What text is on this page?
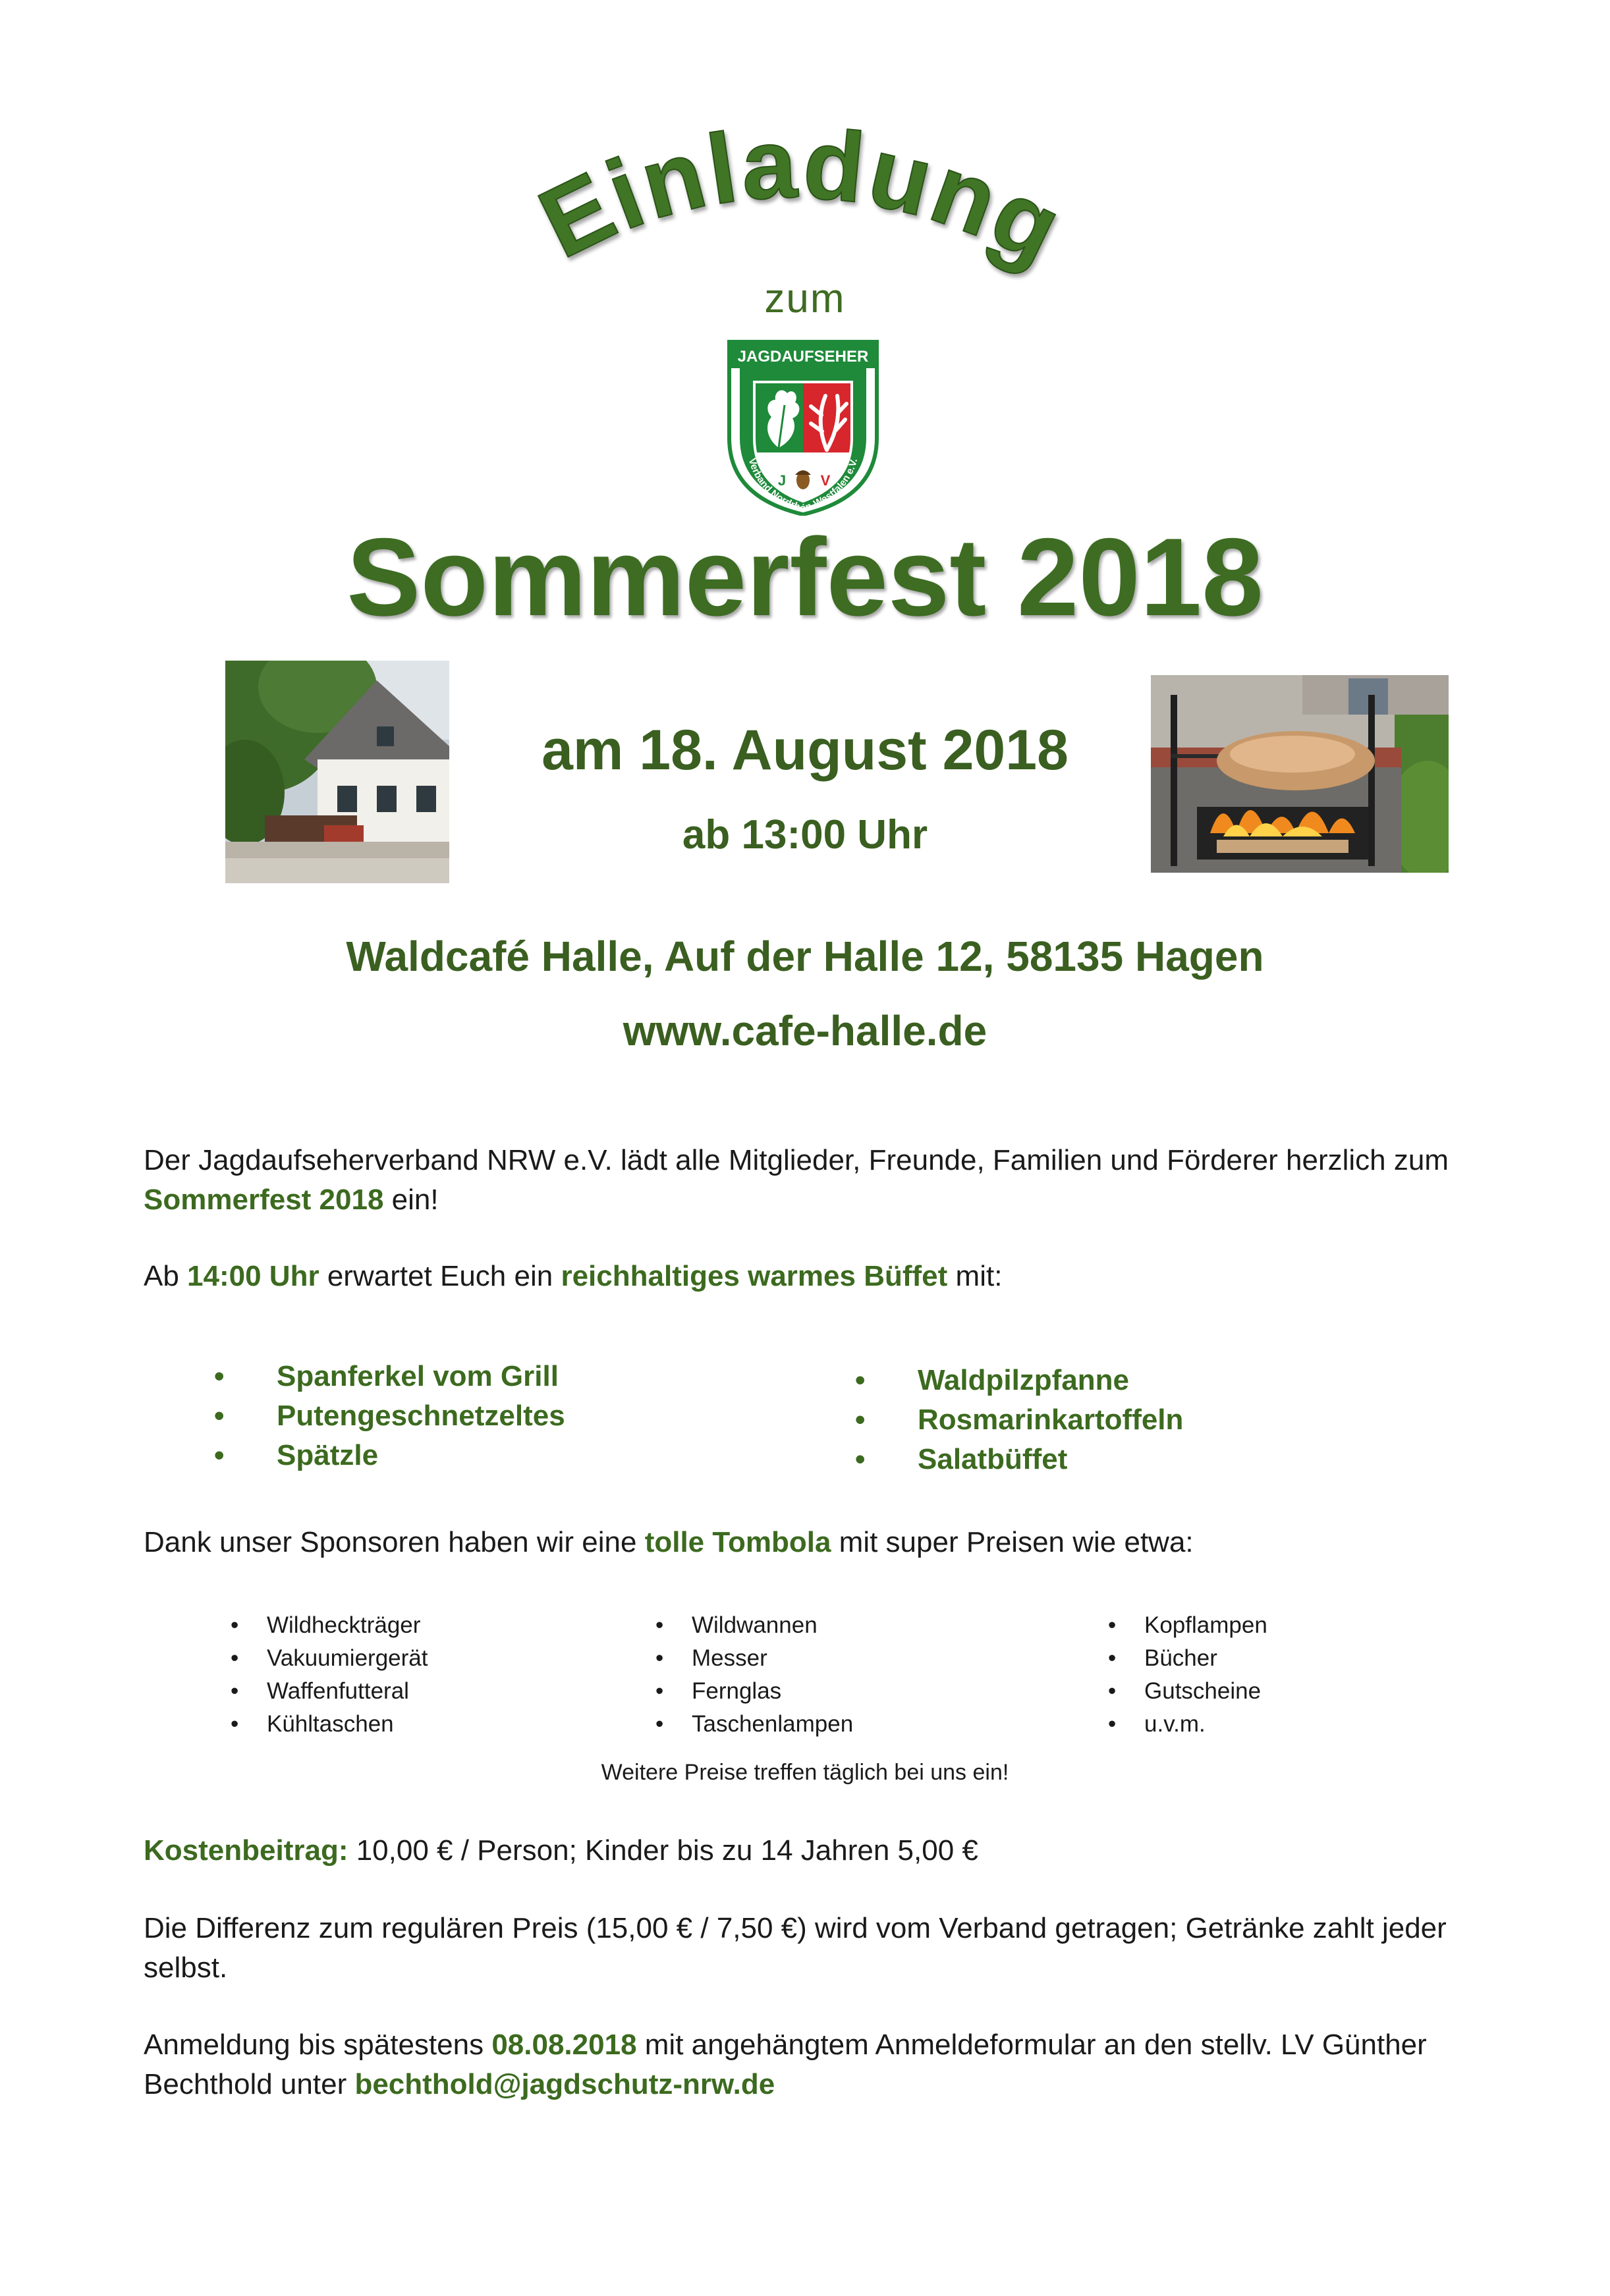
Einladung
zum
JAGDAUFSEHER
J V
Verband Nordrhein-Westfalen e.V.
Sommerfest 2018
am 18. August 2018
ab 13:00 Uhr
Waldcafé Halle, Auf der Halle 12, 58135 Hagen
www.cafe-halle.de
Der Jagdaufseherverband NRW e.V. lädt alle Mitglieder, Freunde, Familien und Förderer herzlich zum
Sommerfest 2018 ein!
Ab 14:00 Uhr erwartet Euch ein reichhaltiges warmes Büffet mit:
• Spanferkel vom Grill
• Putengeschnetzeltes
• Spätzle
• Waldpilzpfanne
• Rosmarinkartoffeln
• Salatbüffet
Dank unser Sponsoren haben wir eine tolle Tombola mit super Preisen wie etwa:
• Wildheckträger
• Vakuumiergerät
• Waffenfutteral
• Kühltaschen
• Wildwannen
• Messer
• Fernglas
• Taschenlampen
• Kopflampen
• Bücher
• Gutscheine
• u.v.m.
Weitere Preise treffen täglich bei uns ein!
Kostenbeitrag: 10,00 € / Person; Kinder bis zu 14 Jahren 5,00 €
Die Differenz zum regulären Preis (15,00 € / 7,50 €) wird vom Verband getragen; Getränke zahlt jeder selbst.
Anmeldung bis spätestens 08.08.2018 mit angehängtem Anmeldeformular an den stellv. LV Günther Bechthold unter bechthold@jagdschutz-nrw.de
